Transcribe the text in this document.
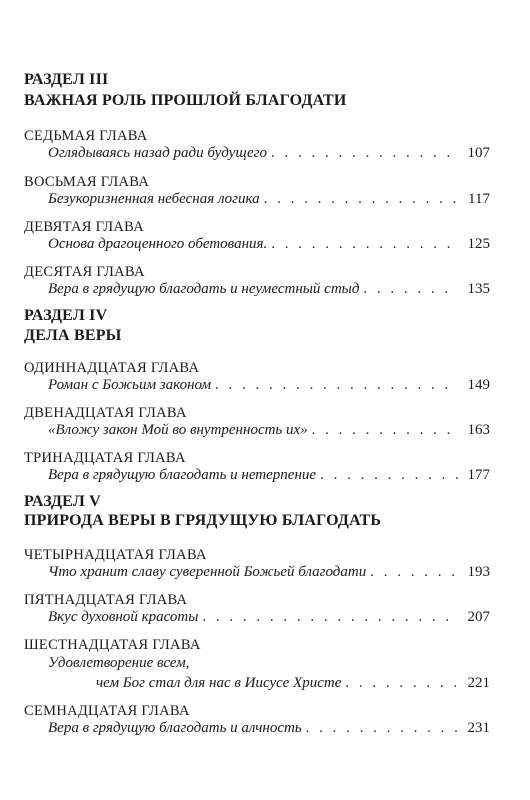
РАЗДЕЛ III
ВАЖНАЯ РОЛЬ ПРОШЛОЙ БЛАГОДАТИ
СЕДЬМАЯ ГЛАВА
Оглядываясь назад ради будущего . . .	107
ВОСЬМАЯ ГЛАВА
Безукоризненная небесная логика . . .	117
ДЕВЯТАЯ ГЛАВА
Основа драгоценного обетования. . . .	125
ДЕСЯТАЯ ГЛАВА
Вера в грядущую благодать и неуместный стыд . . .	135
РАЗДЕЛ IV
ДЕЛА ВЕРЫ
ОДИННАДЦАТАЯ ГЛАВА
Роман с Божьим законом . . .	149
ДВЕНАДЦАТАЯ ГЛАВА
«Вложу закон Мой во внутренность их» . . .	163
ТРИНАДЦАТАЯ ГЛАВА
Вера в грядущую благодать и нетерпение . . .	177
РАЗДЕЛ V
ПРИРОДА ВЕРЫ В ГРЯДУЩУЮ БЛАГОДАТЬ
ЧЕТЫРНАДЦАТАЯ ГЛАВА
Что хранит славу суверенной Божьей благодати . . .	193
ПЯТНАДЦАТАЯ ГЛАВА
Вкус духовной красоты . . .	207
ШЕСТНАДЦАТАЯ ГЛАВА
Удовлетворение всем,
чем Бог стал для нас в Иисусе Христе . . .	221
СЕМНАДЦАТАЯ ГЛАВА
Вера в грядущую благодать и алчность . . .	231
